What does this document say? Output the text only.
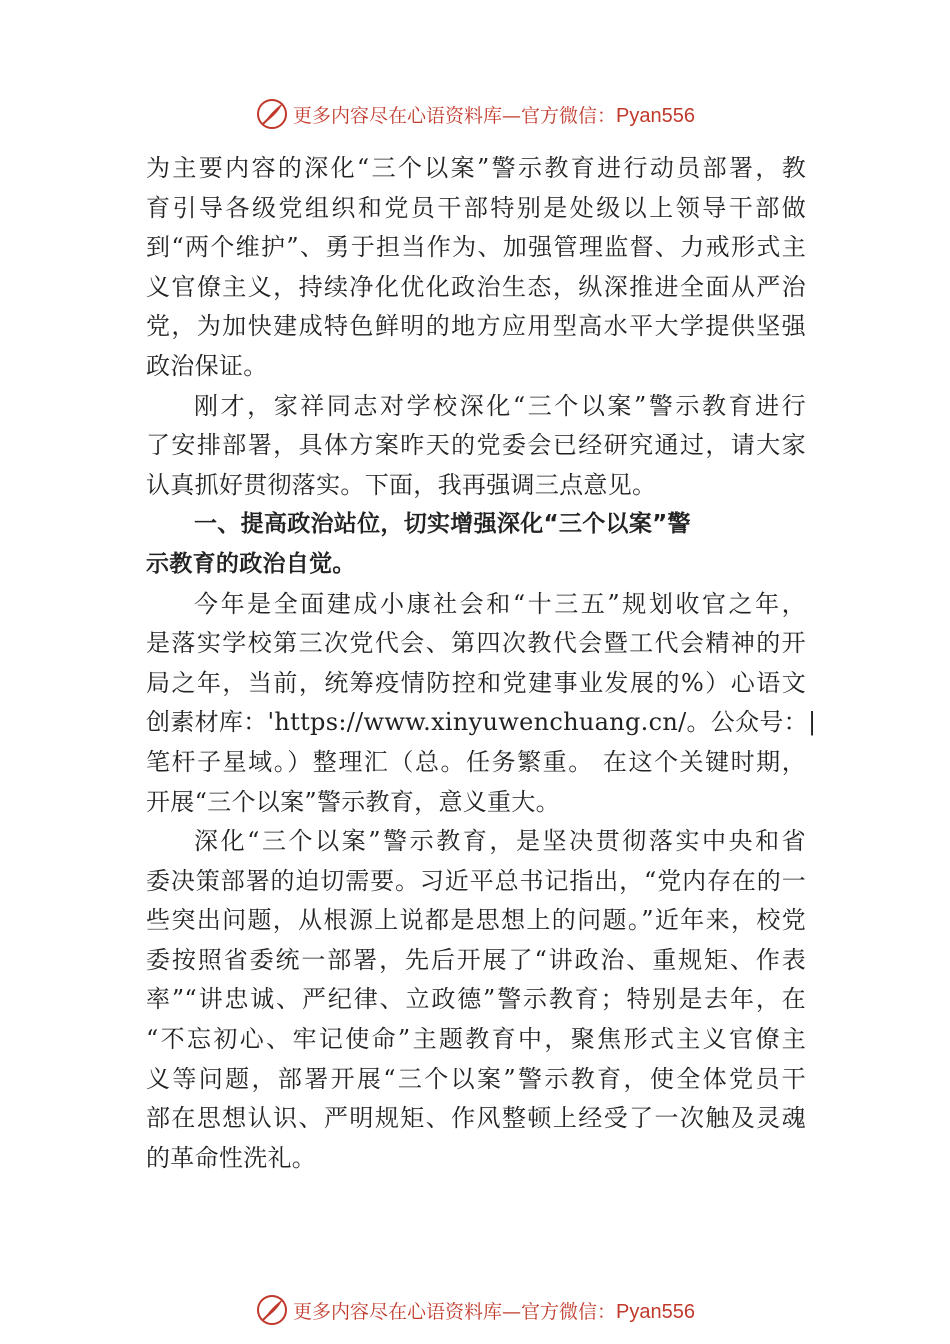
更多内容尽在心语资料库—官方微信：Pyan556
为主要内容的深化“三个以案”警示教育进行动员部署，教
育引导各级党组织和党员干部特别是处级以上领导干部做
到“两个维护”、勇于担当作为、加强管理监督、力戒形式主
义官僚主义，持续净化优化政治生态，纵深推进全面从严治
党，为加快建成特色鲜明的地方应用型高水平大学提供坚强
政治保证。
刚才，家祥同志对学校深化“三个以案”警示教育进行
了安排部署，具体方案昨天的党委会已经研究通过，请大家
认真抓好贯彻落实。下面，我再强调三点意见。
一、提高政治站位，切实增强深化“三个以案”警
示教育的政治自觉。
今年是全面建成小康社会和“十三五”规划收官之年，
是落实学校第三次党代会、第四次教代会暨工代会精神的开
局之年，当前，统筹疫情防控和党建事业发展的%）心语文
创素材库：'https://www.xinyuwenchuang.cn/。公众号：|
笔杆子星域。）整理汇（总。任务繁重。 在这个关键时期，
开展“三个以案”警示教育，意义重大。
深化“三个以案”警示教育，是坚决贯彻落实中央和省
委决策部署的迫切需要。习近平总书记指出，“党内存在的一
些突出问题，从根源上说都是思想上的问题。”近年来，校党
委按照省委统一部署，先后开展了“讲政治、重规矩、作表
率”“讲忠诚、严纪律、立政德”警示教育；特别是去年，在
“不忘初心、牢记使命”主题教育中，聚焦形式主义官僚主
义等问题，部署开展“三个以案”警示教育，使全体党员干
部在思想认识、严明规矩、作风整顿上经受了一次触及灵魂
的革命性洗礼。
更多内容尽在心语资料库—官方微信：Pyan556
